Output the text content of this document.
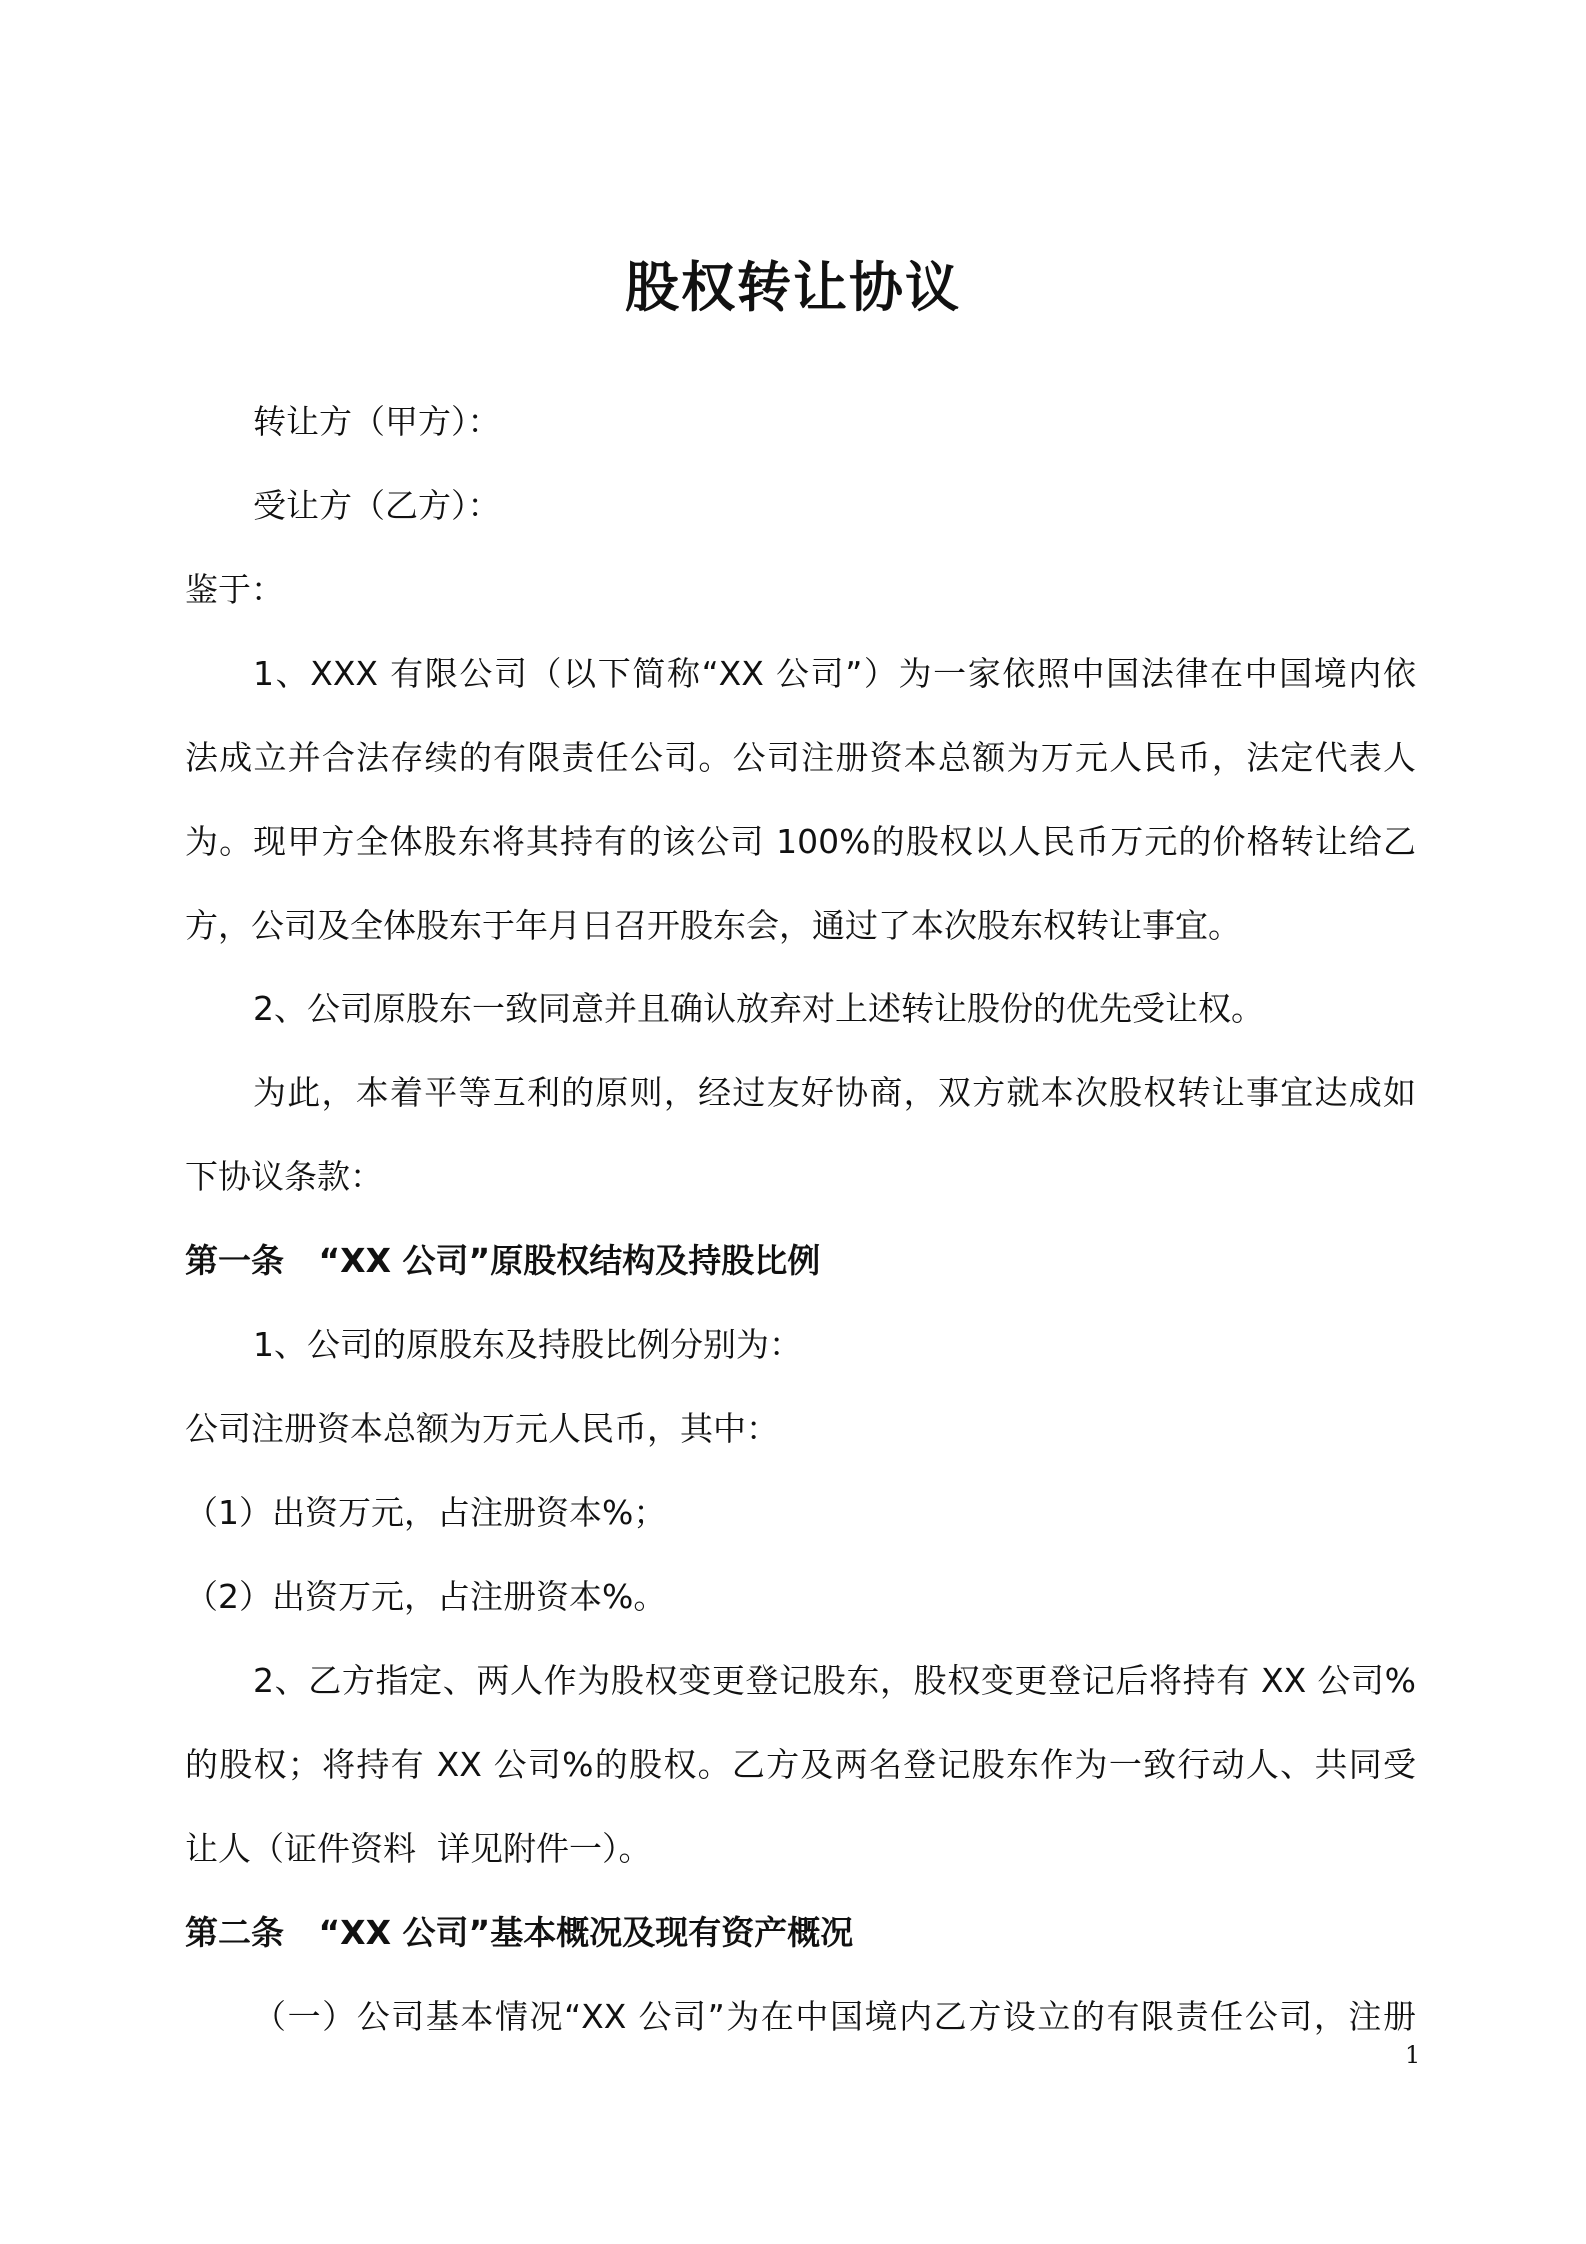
股权转让协议
转让方（甲方）：
受让方（乙方）：
鉴于：
1、XXX 有限公司（以下简称“XX 公司”）为一家依照中国法律在中国境内依
法成立并合法存续的有限责任公司。公司注册资本总额为万元人民币，法定代表人
为。现甲方全体股东将其持有的该公司 100%的股权以人民币万元的价格转让给乙
方，公司及全体股东于年月日召开股东会，通过了本次股东权转让事宜。
2、公司原股东一致同意并且确认放弃对上述转让股份的优先受让权。
为此，本着平等互利的原则，经过友好协商，双方就本次股权转让事宜达成如
下协议条款：
第一条   “XX 公司”原股权结构及持股比例
1、公司的原股东及持股比例分别为：
公司注册资本总额为万元人民币，其中：
（1）出资万元，占注册资本%；
（2）出资万元，占注册资本%。
2、乙方指定、两人作为股权变更登记股东，股权变更登记后将持有 XX 公司%
的股权；将持有 XX 公司%的股权。乙方及两名登记股东作为一致行动人、共同受
让人（证件资料  详见附件一）。
第二条   “XX 公司”基本概况及现有资产概况
（一）公司基本情况“XX 公司”为在中国境内乙方设立的有限责任公司，注册
1
